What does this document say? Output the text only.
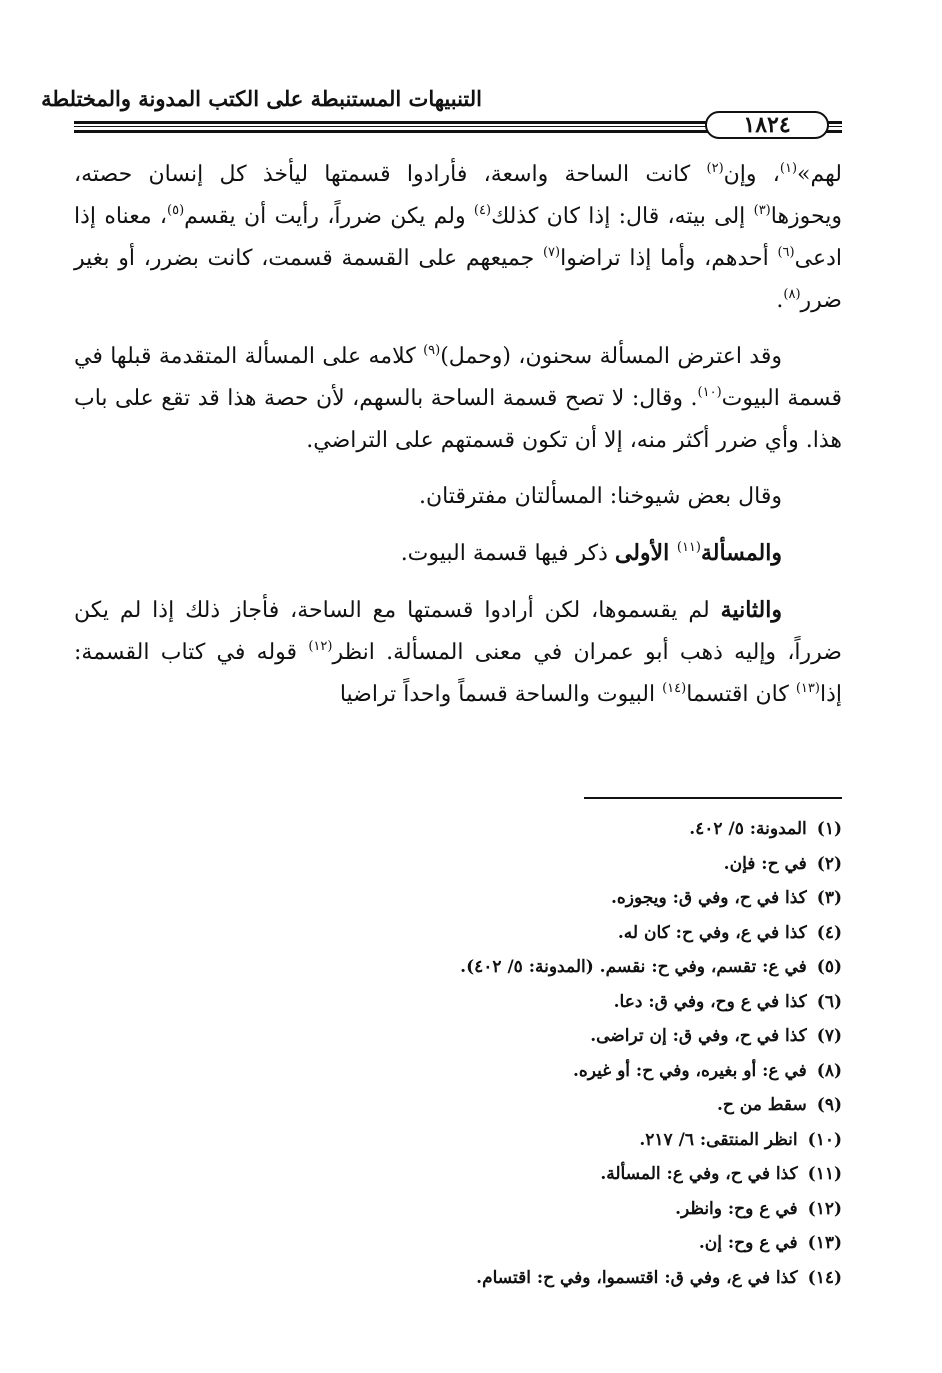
التنبيهات المستنبطة على الكتب المدونة والمختلطة
١٨٢٤

لهم»$^{(١)}$، وإن$^{(٢)}$ كانت الساحة واسعة، فأرادوا قسمتها ليأخذ كل إنسان حصته، ويحوزها$^{(٣)}$ إلى بيته، قال: إذا كان كذلك$^{(٤)}$ ولم يكن ضرراً، رأيت أن يقسم$^{(٥)}$، معناه إذا ادعى$^{(٦)}$ أحدهم، وأما إذا تراضوا$^{(٧)}$ جميعهم على القسمة قسمت، كانت بضرر، أو بغير ضرر$^{(٨)}$.

وقد اعترض المسألة سحنون، (وحمل)$^{(٩)}$ كلامه على المسألة المتقدمة قبلها في قسمة البيوت$^{(١٠)}$. وقال: لا تصح قسمة الساحة بالسهم، لأن حصة هذا قد تقع على باب هذا. وأي ضرر أكثر منه، إلا أن تكون قسمتهم على التراضي.

وقال بعض شيوخنا: المسألتان مفترقتان.

والمسألة$^{(١١)}$ الأولى ذكر فيها قسمة البيوت.

والثانية لم يقسموها، لكن أرادوا قسمتها مع الساحة، فأجاز ذلك إذا لم يكن ضرراً، وإليه ذهب أبو عمران في معنى المسألة. انظر$^{(١٢)}$ قوله في كتاب القسمة: إذا$^{(١٣)}$ كان اقتسما$^{(١٤)}$ البيوت والساحة قسماً واحداً تراضيا

(١)المدونة: ٥/ ٤٠٢.
(٢)في ح: فإن.
(٣)كذا في ح، وفي ق: ويجوزه.
(٤)كذا في ع، وفي ح: كان له.
(٥)في ع: تقسم، وفي ح: نقسم. (المدونة: ٥/ ٤٠٢).
(٦)كذا في ع وح، وفي ق: دعا.
(٧)كذا في ح، وفي ق: إن تراضى.
(٨)في ع: أو بغيره، وفي ح: أو غيره.
(٩)سقط من ح.
(١٠)انظر المنتقى: ٦/ ٢١٧.
(١١)كذا في ح، وفي ع: المسألة.
(١٢)في ع وح: وانظر.
(١٣)في ع وح: إن.
(١٤)كذا في ع، وفي ق: اقتسموا، وفي ح: اقتسام.
